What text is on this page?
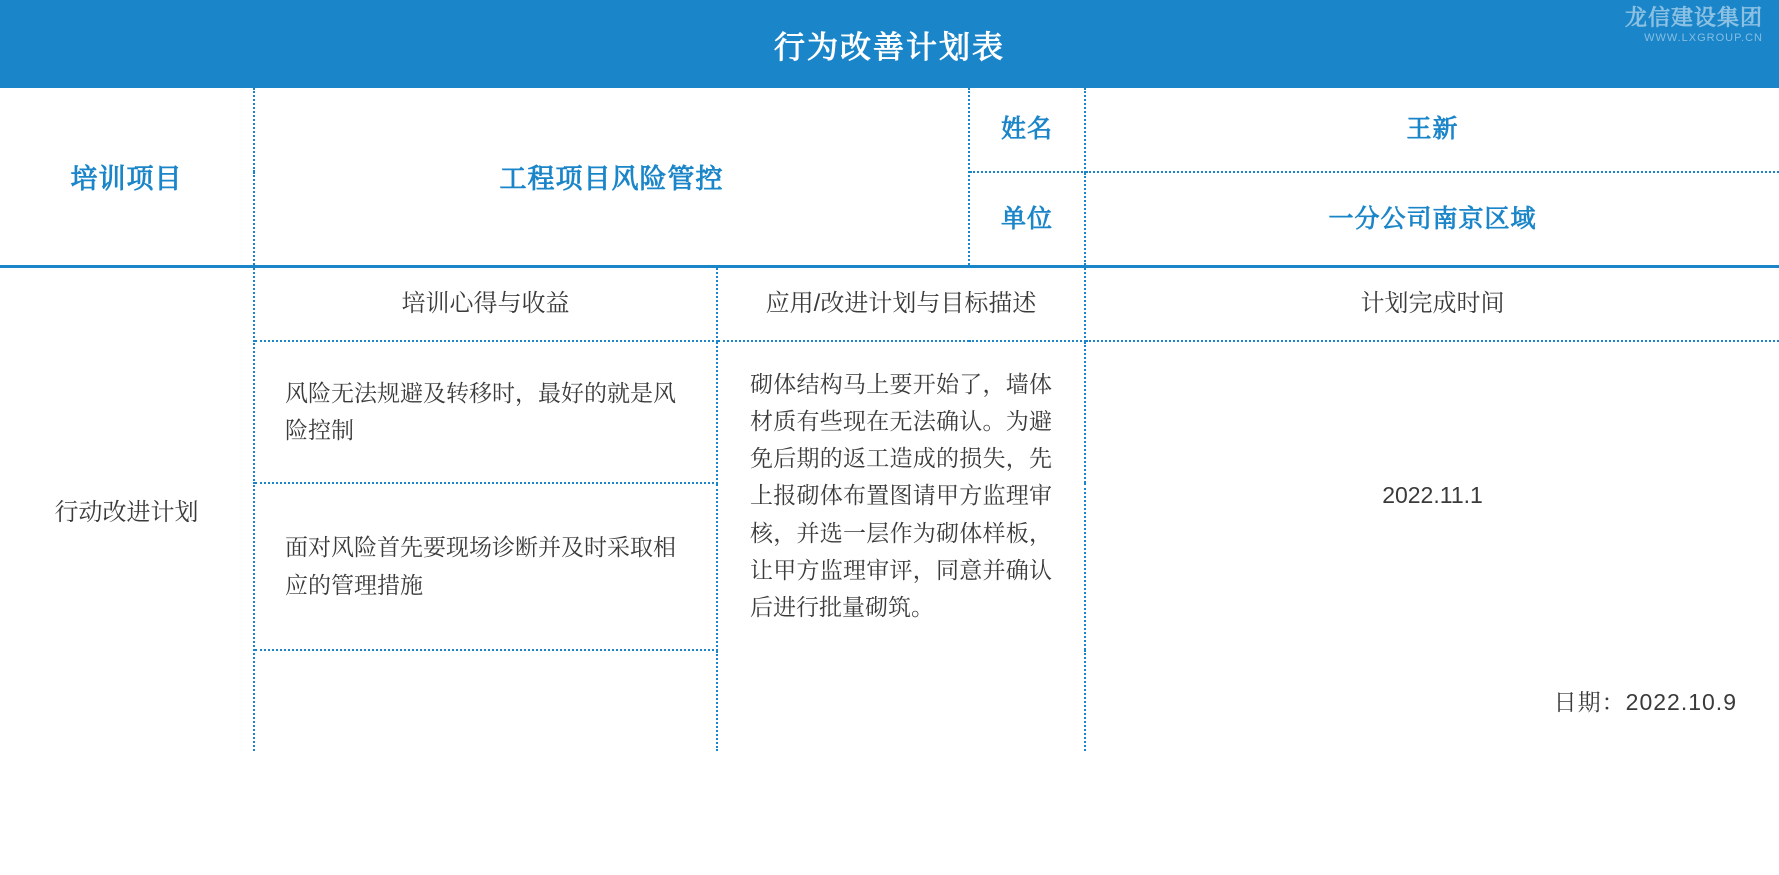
行为改善计划表
龙信建设集团
WWW.LXGROUP.CN
培训项目	工程项目风险管控		姓名	王新

			单位	一分公司南京区域

行动改进计划	培训心得与收益	应用/改进计划与目标描述		计划完成时间

	风险无法规避及转移时，最好的就是风险控制	砌体结构马上要开始了，墙体材质有些现在无法确认。为避免后期的返工造成的损失，先上报砌体布置图请甲方监理审核，并选一层作为砌体样板，让甲方监理审评，同意并确认后进行批量砌筑。		2022.11.1

	面对风险首先要现场诊断并及时采取相应的管理措施			

				日期：2022.10.9
